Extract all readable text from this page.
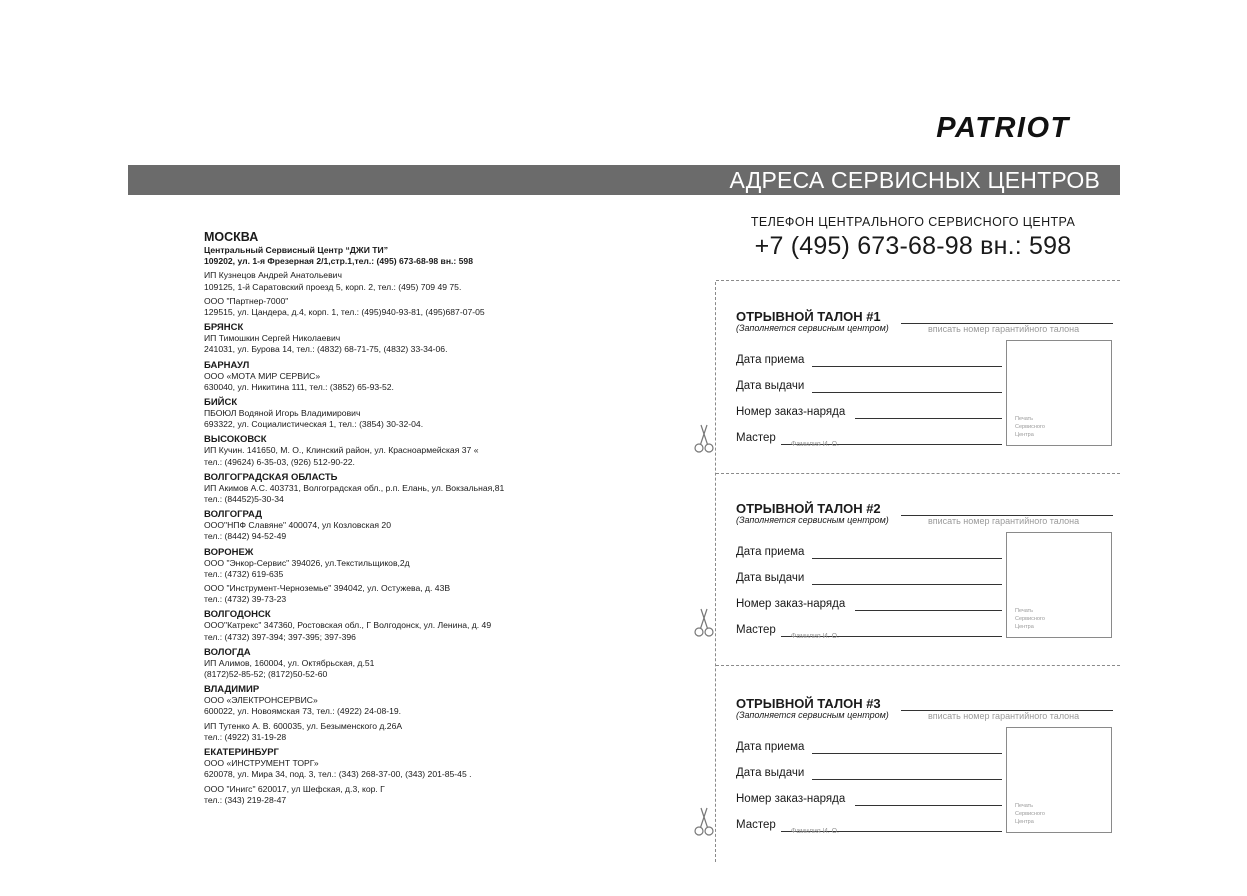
PATRIOT
АДРЕСА СЕРВИСНЫХ ЦЕНТРОВ
МОСКВА
Центральный Сервисный Центр “ДЖИ ТИ”
109202, ул. 1-я Фрезерная 2/1,стр.1,тел.: (495) 673-68-98 вн.: 598
ИП Кузнецов Андрей Анатольевич
109125, 1-й Саратовский проезд 5, корп. 2, тел.: (495) 709 49 75.
ООО "Партнер-7000"
129515, ул. Цандера, д.4, корп. 1, тел.: (495)940-93-81, (495)687-07-05
БРЯНСК
ИП Тимошкин Сергей Николаевич
241031, ул. Бурова 14, тел.: (4832) 68-71-75, (4832) 33-34-06.
БАРНАУЛ
ООО «МОТА МИР СЕРВИС»
630040, ул. Никитина 111, тел.: (3852) 65-93-52.
БИЙСК
ПБОЮЛ Водяной Игорь Владимирович
693322, ул. Социалистическая 1, тел.: (3854) 30-32-04.
ВЫСОКОВСК
ИП Кучин. 141650, М. О., Клинский район, ул. Красноармейская 37 «
тел.: (49624) 6-35-03, (926) 512-90-22.
ВОЛГОГРАДСКАЯ ОБЛАСТЬ
ИП Акимов А.С. 403731, Волгоградская обл., р.п. Елань, ул. Вокзальная,81
тел.: (84452)5-30-34
ВОЛГОГРАД
ООО"НПФ Славяне" 400074, ул Козловская 20
тел.: (8442) 94-52-49
ВОРОНЕЖ
ООО "Энкор-Сервис" 394026, ул.Текстильщиков,2д
тел.: (4732) 619-635
ООО "Инструмент-Черноземье" 394042, ул. Остужева, д. 43В
тел.: (4732) 39-73-23
ВОЛГОДОНСК
ООО"Катрекс" 347360, Ростовская обл., Г Волгодонск, ул. Ленина, д. 49
тел.: (4732) 397-394; 397-395; 397-396
ВОЛОГДА
ИП Алимов, 160004, ул. Октябрьская, д.51
(8172)52-85-52; (8172)50-52-60
ВЛАДИМИР
ООО «ЭЛЕКТРОНСЕРВИС»
600022, ул. Новоямская 73, тел.: (4922) 24-08-19.
ИП Тутенко А. В. 600035, ул. Безыменского д.26А
тел.: (4922) 31-19-28
ЕКАТЕРИНБУРГ
ООО «ИНСТРУМЕНТ ТОРГ»
620078, ул. Мира 34, под. 3, тел.: (343) 268-37-00, (343) 201-85-45 .
ООО "Инигс" 620017, ул Шефская, д.3, кор. Г
тел.: (343) 219-28-47
ТЕЛЕФОН ЦЕНТРАЛЬНОГО СЕРВИСНОГО ЦЕНТРА
+7 (495) 673-68-98 вн.: 598
ОТРЫВНОЙ ТАЛОН #1
(Заполняется сервисным центром)	вписать номер гарантийного талона
Дата приема
Дата выдачи
Номер заказ-наряда
Мастер
Фамилия И. О.
Печать
Сервисного
Центра
ОТРЫВНОЙ ТАЛОН #2
(Заполняется сервисным центром)	вписать номер гарантийного талона
Дата приема
Дата выдачи
Номер заказ-наряда
Мастер
Фамилия И. О.
Печать
Сервисного
Центра
ОТРЫВНОЙ ТАЛОН #3
(Заполняется сервисным центром)	вписать номер гарантийного талона
Дата приема
Дата выдачи
Номер заказ-наряда
Мастер
Фамилия И. О.
Печать
Сервисного
Центра
